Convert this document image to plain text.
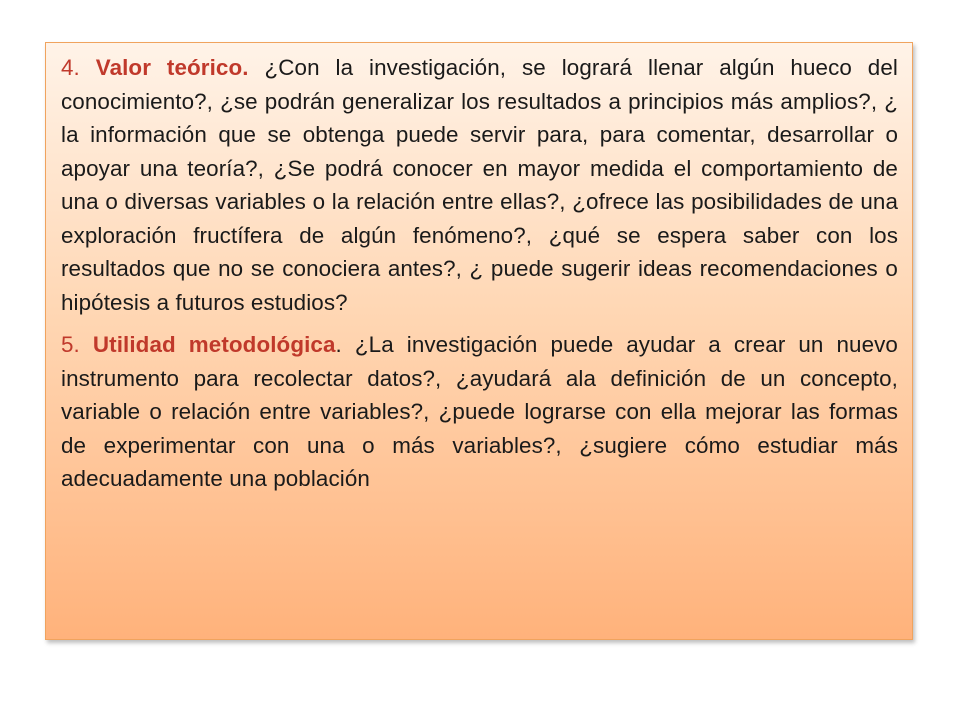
4. Valor teórico. ¿Con la investigación, se logrará llenar algún hueco del conocimiento?, ¿se podrán generalizar los resultados a principios más amplios?, ¿ la información que se obtenga puede servir para, para comentar, desarrollar o apoyar una teoría?, ¿Se podrá conocer en mayor medida el comportamiento de una o diversas variables o la relación entre ellas?, ¿ofrece las posibilidades de una exploración fructífera de algún fenómeno?, ¿qué se espera saber con los resultados que no se conociera antes?, ¿ puede sugerir ideas recomendaciones o hipótesis a futuros estudios?

5. Utilidad metodológica. ¿La investigación puede ayudar a crear un nuevo instrumento para recolectar datos?, ¿ayudará ala definición de un concepto, variable o relación entre variables?, ¿puede lograrse con ella mejorar las formas de experimentar con una o más variables?, ¿sugiere cómo estudiar más adecuadamente una población
